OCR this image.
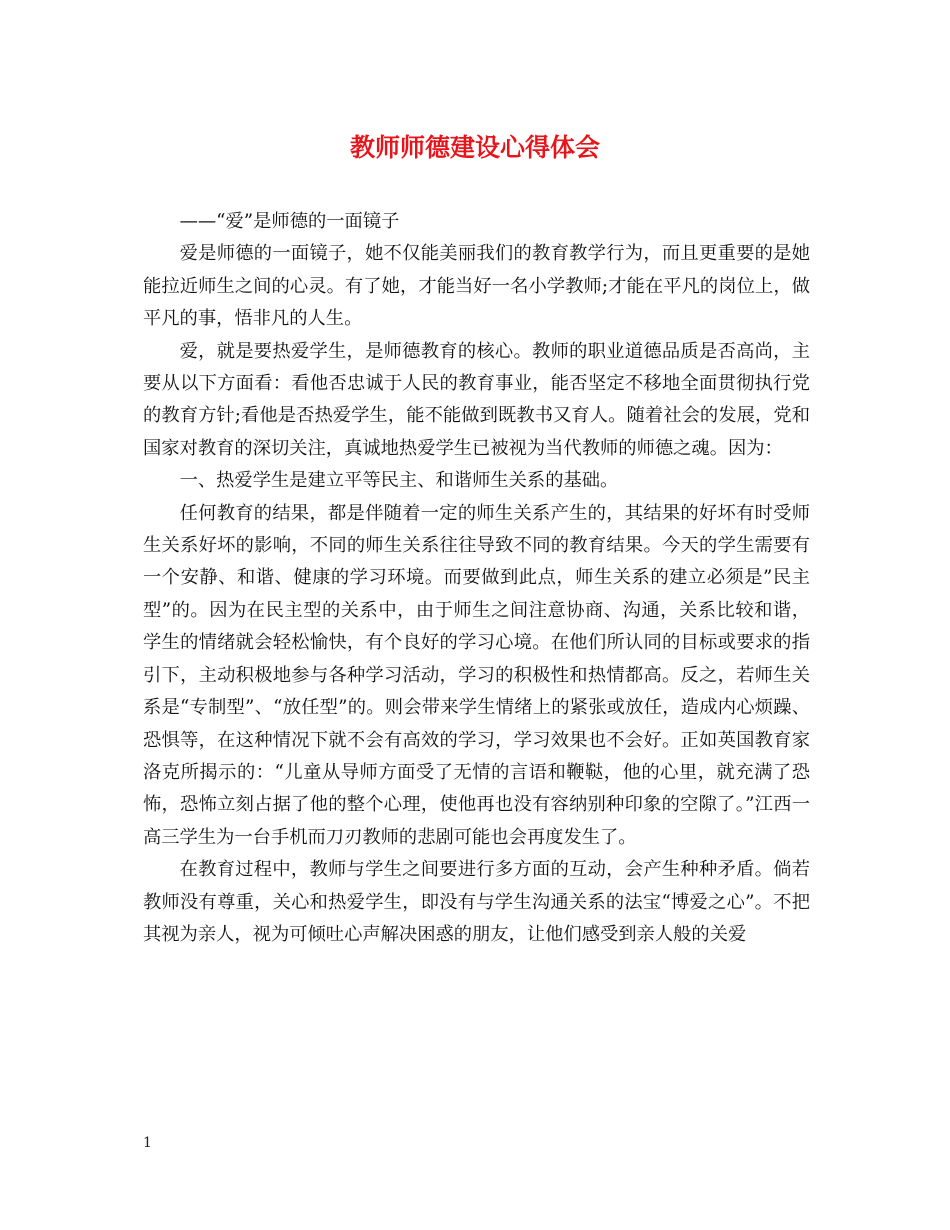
教师师德建设心得体会

——“爱”是师德的一面镜子

爱是师德的一面镜子，她不仅能美丽我们的教育教学行为，而且更重要的是她能拉近师生之间的心灵。有了她，才能当好一名小学教师;才能在平凡的岗位上，做平凡的事，悟非凡的人生。

爱，就是要热爱学生，是师德教育的核心。教师的职业道德品质是否高尚，主要从以下方面看：看他否忠诚于人民的教育事业，能否坚定不移地全面贯彻执行党的教育方针;看他是否热爱学生，能不能做到既教书又育人。随着社会的发展，党和国家对教育的深切关注，真诚地热爱学生已被视为当代教师的师德之魂。因为：

一、热爱学生是建立平等民主、和谐师生关系的基础。

任何教育的结果，都是伴随着一定的师生关系产生的，其结果的好坏有时受师生关系好坏的影响，不同的师生关系往往导致不同的教育结果。今天的学生需要有一个安静、和谐、健康的学习环境。而要做到此点，师生关系的建立必须是”民主型”的。因为在民主型的关系中，由于师生之间注意协商、沟通，关系比较和谐，学生的情绪就会轻松愉快，有个良好的学习心境。在他们所认同的目标或要求的指引下，主动积极地参与各种学习活动，学习的积极性和热情都高。反之，若师生关系是“专制型”、“放任型”的。则会带来学生情绪上的紧张或放任，造成内心烦躁、恐惧等，在这种情况下就不会有高效的学习，学习效果也不会好。正如英国教育家洛克所揭示的：“儿童从导师方面受了无情的言语和鞭鞑，他的心里，就充满了恐怖，恐怖立刻占据了他的整个心理，使他再也没有容纳别种印象的空隙了。”江西一高三学生为一台手机而刀刃教师的悲剧可能也会再度发生了。

在教育过程中，教师与学生之间要进行多方面的互动，会产生种种矛盾。倘若教师没有尊重，关心和热爱学生，即没有与学生沟通关系的法宝“博爱之心”。不把其视为亲人，视为可倾吐心声解决困惑的朋友，让他们感受到亲人般的关爱

1
